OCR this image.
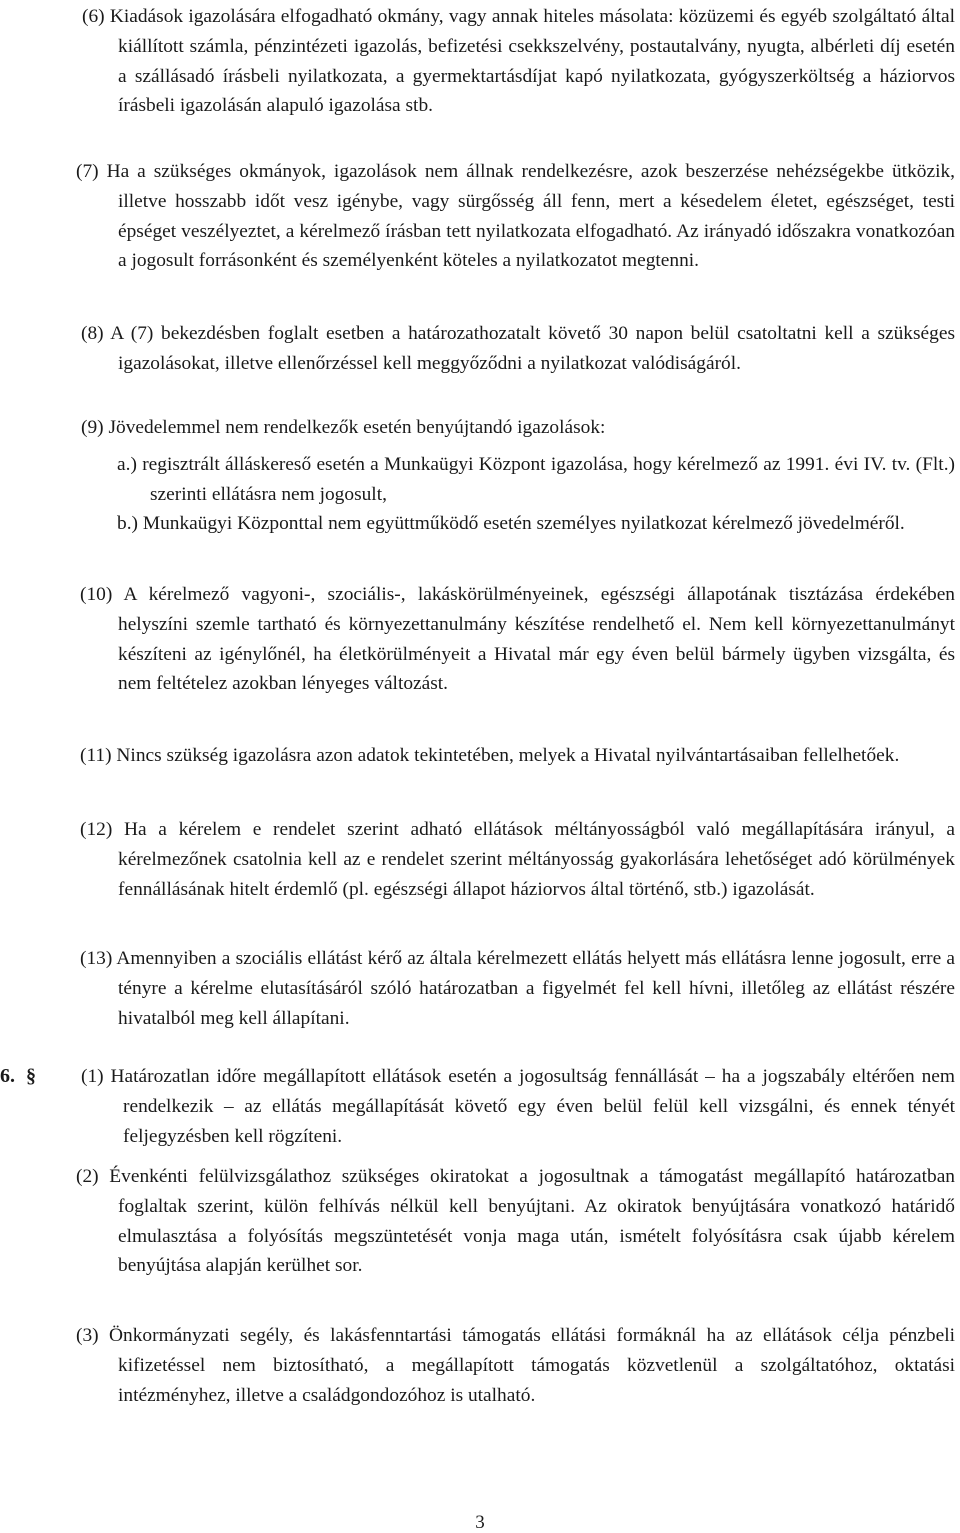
(6) Kiadások igazolására elfogadható okmány, vagy annak hiteles másolata: közüzemi és egyéb szolgáltató által kiállított számla, pénzintézeti igazolás, befizetési csekkszelvény, postautalvány, nyugta, albérleti díj esetén a szállásadó írásbeli nyilatkozata, a gyermektartásdíjat kapó nyilatkozata, gyógyszerköltség a háziorvos írásbeli igazolásán alapuló igazolása stb.
(7) Ha a szükséges okmányok, igazolások nem állnak rendelkezésre, azok beszerzése nehézségekbe ütközik, illetve hosszabb időt vesz igénybe, vagy sürgősség áll fenn, mert a késedelem életet, egészséget, testi épséget veszélyeztet, a kérelmező írásban tett nyilatkozata elfogadható. Az irányadó időszakra vonatkozóan a jogosult forrásonként és személyenként köteles a nyilatkozatot megtenni.
(8) A (7) bekezdésben foglalt esetben a határozathozatalt követő 30 napon belül csatoltatni kell a szükséges igazolásokat, illetve ellenőrzéssel kell meggyőződni a nyilatkozat valódiságáról.
(9) Jövedelemmel nem rendelkezők esetén benyújtandó igazolások:
a.) regisztrált álláskereső esetén a Munkaügyi Központ igazolása, hogy kérelmező az 1991. évi IV. tv. (Flt.) szerinti ellátásra nem jogosult,
b.) Munkaügyi Központtal nem együttműködő esetén személyes nyilatkozat kérelmező jövedelméről.
(10) A kérelmező vagyoni-, szociális-, lakáskörülményeinek, egészségi állapotának tisztázása érdekében helyszíni szemle tartható és környezettanulmány készítése rendelhető el. Nem kell környezettanulmányt készíteni az igénylőnél, ha életkörülményeit a Hivatal már egy éven belül bármely ügyben vizsgálta, és nem feltételez azokban lényeges változást.
(11) Nincs szükség igazolásra azon adatok tekintetében, melyek a Hivatal nyilvántartásaiban fellelhetőek.
(12) Ha a kérelem e rendelet szerint adható ellátások méltányosságból való megállapítására irányul, a kérelmezőnek csatolnia kell az e rendelet szerint méltányosság gyakorlására lehetőséget adó körülmények fennállásának hitelt érdemlő (pl. egészségi állapot háziorvos által történő, stb.) igazolását.
(13) Amennyiben a szociális ellátást kérő az általa kérelmezett ellátás helyett más ellátásra lenne jogosult, erre a tényre a kérelme elutasításáról szóló határozatban a figyelmét fel kell hívni, illetőleg az ellátást részére hivatalból meg kell állapítani.
6. §	(1) Határozatlan időre megállapított ellátások esetén a jogosultság fennállását – ha a jogszabály eltérően nem rendelkezik – az ellátás megállapítását követő egy éven belül felül kell vizsgálni, és ennek tényét feljegyzésben kell rögzíteni.
(2) Évenkénti felülvizsgálathoz szükséges okiratokat a jogosultnak a támogatást megállapító határozatban foglaltak szerint, külön felhívás nélkül kell benyújtani. Az okiratok benyújtására vonatkozó határidő elmulasztása a folyósítás megszüntetését vonja maga után, ismételt folyósításra csak újabb kérelem benyújtása alapján kerülhet sor.
(3) Önkormányzati segély, és lakásfenntartási támogatás ellátási formáknál ha az ellátások célja pénzbeli kifizetéssel nem biztosítható, a megállapított támogatás közvetlenül a szolgáltatóhoz, oktatási intézményhez, illetve a családgondozóhoz is utalható.
3
